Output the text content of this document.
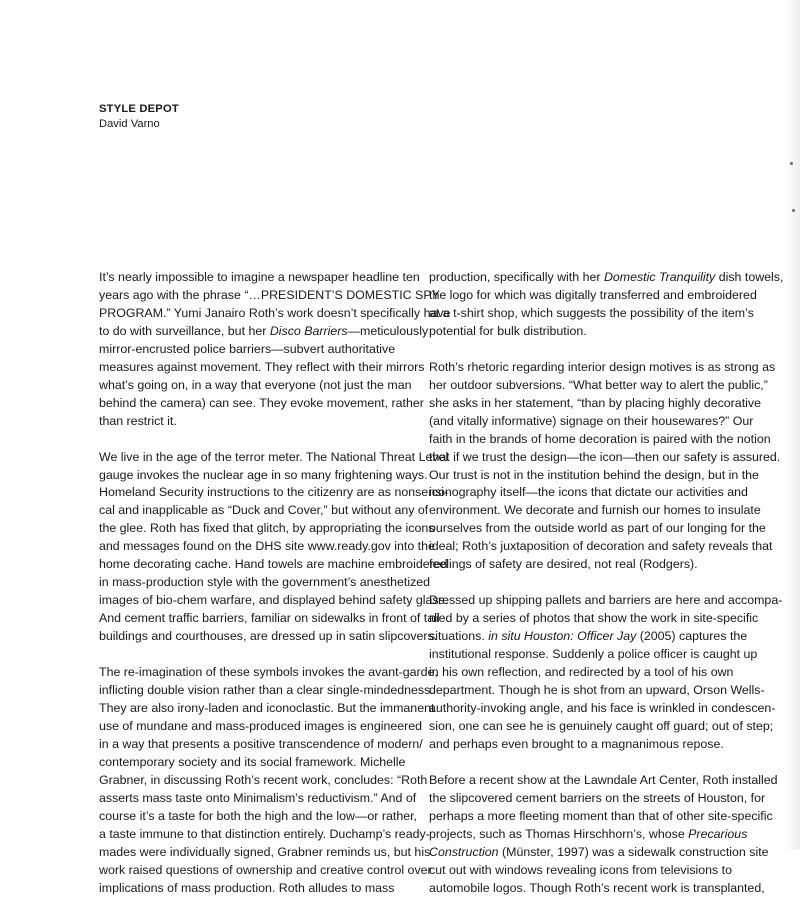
STYLE DEPOT
David Varno
It’s nearly impossible to imagine a newspaper headline ten
years ago with the phrase “…PRESIDENT’S DOMESTIC SPY
PROGRAM.” Yumi Janairo Roth’s work doesn’t specifically have
to do with surveillance, but her Disco Barriers—meticulously
mirror-encrusted police barriers—subvert authoritative
measures against movement. They reflect with their mirrors
what’s going on, in a way that everyone (not just the man
behind the camera) can see. They evoke movement, rather
than restrict it.
We live in the age of the terror meter. The National Threat Level
gauge invokes the nuclear age in so many frightening ways.
Homeland Security instructions to the citizenry are as nonsensi-
cal and inapplicable as “Duck and Cover,” but without any of
the glee. Roth has fixed that glitch, by appropriating the icons
and messages found on the DHS site www.ready.gov into the
home decorating cache. Hand towels are machine embroidered
in mass-production style with the government’s anesthetized
images of bio-chem warfare, and displayed behind safety glass.
And cement traffic barriers, familiar on sidewalks in front of tall
buildings and courthouses, are dressed up in satin slipcovers.
The re-imagination of these symbols invokes the avant-garde,
inflicting double vision rather than a clear single-mindedness.
They are also irony-laden and iconoclastic. But the immanent
use of mundane and mass-produced images is engineered
in a way that presents a positive transcendence of modern/
contemporary society and its social framework. Michelle
Grabner, in discussing Roth’s recent work, concludes: “Roth
asserts mass taste onto Minimalism’s reductivism.” And of
course it’s a taste for both the high and the low—or rather,
a taste immune to that distinction entirely. Duchamp’s ready-
mades were individually signed, Grabner reminds us, but his
work raised questions of ownership and creative control over
implications of mass production. Roth alludes to mass
production, specifically with her Domestic Tranquility dish towels,
the logo for which was digitally transferred and embroidered
at a t-shirt shop, which suggests the possibility of the item’s
potential for bulk distribution.
Roth’s rhetoric regarding interior design motives is as strong as
her outdoor subversions. “What better way to alert the public,”
she asks in her statement, “than by placing highly decorative
(and vitally informative) signage on their housewares?” Our
faith in the brands of home decoration is paired with the notion
that if we trust the design—the icon—then our safety is assured.
Our trust is not in the institution behind the design, but in the
iconography itself—the icons that dictate our activities and
environment. We decorate and furnish our homes to insulate
ourselves from the outside world as part of our longing for the
ideal; Roth’s juxtaposition of decoration and safety reveals that
feelings of safety are desired, not real (Rodgers).
Dressed up shipping pallets and barriers are here and accompa-
nied by a series of photos that show the work in site-specific
situations. in situ Houston: Officer Jay (2005) captures the
institutional response. Suddenly a police officer is caught up
in his own reflection, and redirected by a tool of his own
department. Though he is shot from an upward, Orson Wells-
authority-invoking angle, and his face is wrinkled in condescen-
sion, one can see he is genuinely caught off guard; out of step;
and perhaps even brought to a magnanimous repose.
Before a recent show at the Lawndale Art Center, Roth installed
the slipcovered cement barriers on the streets of Houston, for
perhaps a more fleeting moment than that of other site-specific
projects, such as Thomas Hirschhorn’s, whose Precarious
Construction (Münster, 1997) was a sidewalk construction site
cut out with windows revealing icons from televisions to
automobile logos. Though Roth’s recent work is transplanted,
